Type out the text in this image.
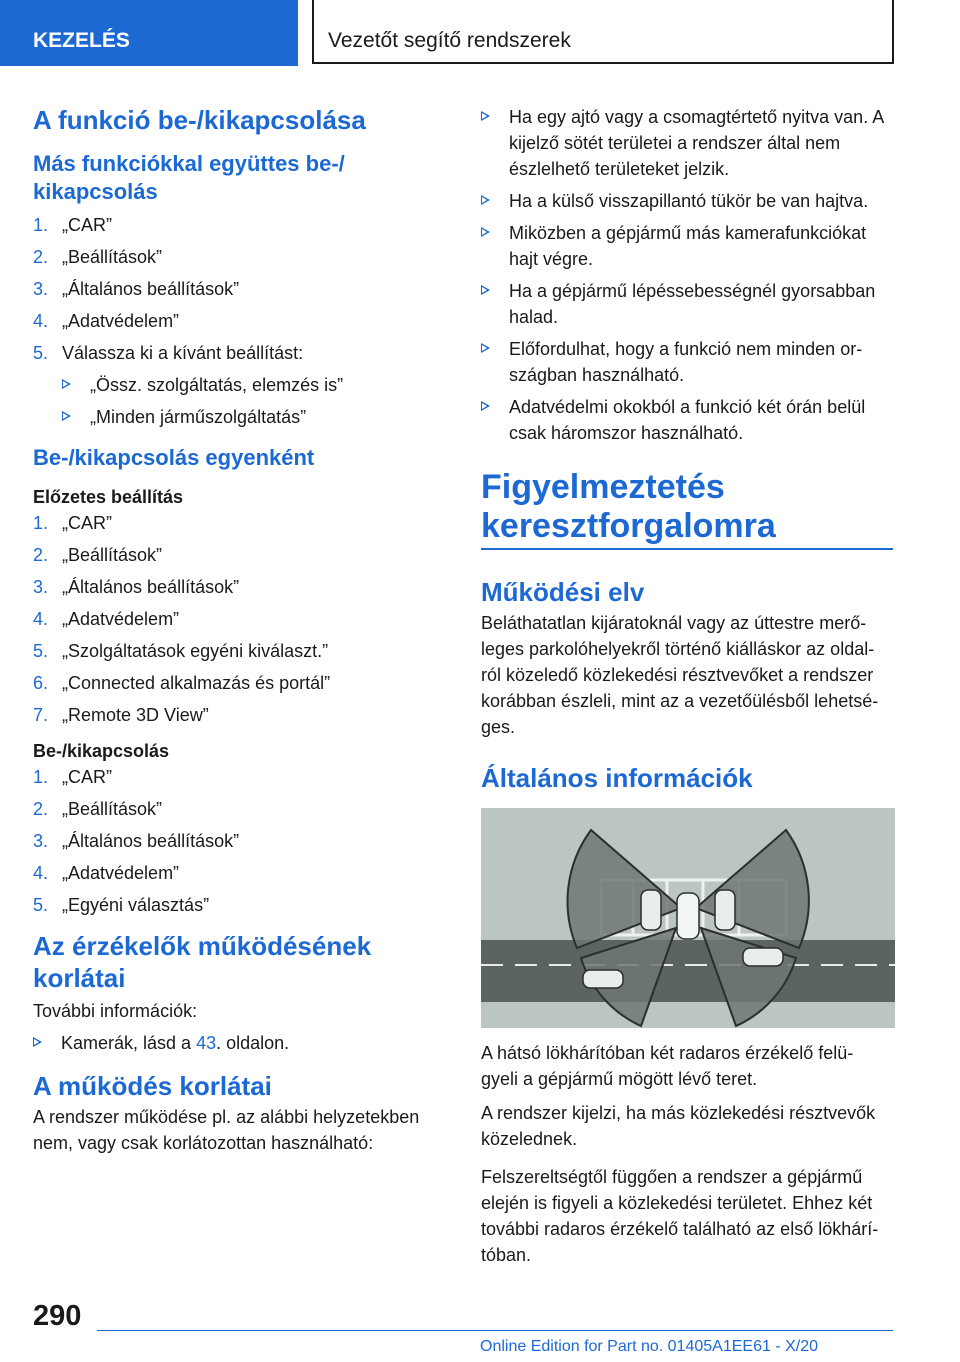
KEZELÉS	Vezetőt segítő rendszerek
A funkció be-/kikapcsolása
Más funkciókkal együttes be-/ kikapcsolás
1. „CAR”
2. „Beállítások”
3. „Általános beállítások”
4. „Adatvédelem”
5. Válassza ki a kívánt beállítást:
„Össz. szolgáltatás, elemzés is”
„Minden járműszolgáltatás”
Be-/kikapcsolás egyenként
Előzetes beállítás
1. „CAR”
2. „Beállítások”
3. „Általános beállítások”
4. „Adatvédelem”
5. „Szolgáltatások egyéni kiválaszt.”
6. „Connected alkalmazás és portál”
7. „Remote 3D View”
Be-/kikapcsolás
1. „CAR”
2. „Beállítások”
3. „Általános beállítások”
4. „Adatvédelem”
5. „Egyéni választás”
Az érzékelők működésének korlátai
További információk:
Kamerák, lásd a 43. oldalon.
A működés korlátai
A rendszer működése pl. az alábbi helyzetekben nem, vagy csak korlátozottan használható:
Ha egy ajtó vagy a csomagtértető nyitva van. A kijelző sötét területei a rendszer által nem észlelhető területeket jelzik.
Ha a külső visszapillantó tükör be van hajtva.
Miközben a gépjármű más kamerafunkciókat hajt végre.
Ha a gépjármű lépéssebességnél gyorsabban halad.
Előfordulhat, hogy a funkció nem minden or- szágban használható.
Adatvédelmi okokból a funkció két órán belül csak háromszor használható.
Figyelmeztetés keresztforgalomra
Működési elv
Beláthatatlan kijáratoknál vagy az úttestre merő- leges parkolóhelyekről történő kiálláskor az oldal- ról közeledő közlekedési résztvevőket a rendszer korábban észleli, mint az a vezetőülésből lehetsé- ges.
Általános információk
A hátsó lökhárítóban két radaros érzékelő felü- gyeli a gépjármű mögött lévő teret.
A rendszer kijelzi, ha más közlekedési résztvevők közelednek.
Felszereltségtől függően a rendszer a gépjármű elején is figyeli a közlekedési területet. Ehhez két további radaros érzékelő található az első lökhárí- tóban.
290
Online Edition for Part no. 01405A1EE61 - X/20
